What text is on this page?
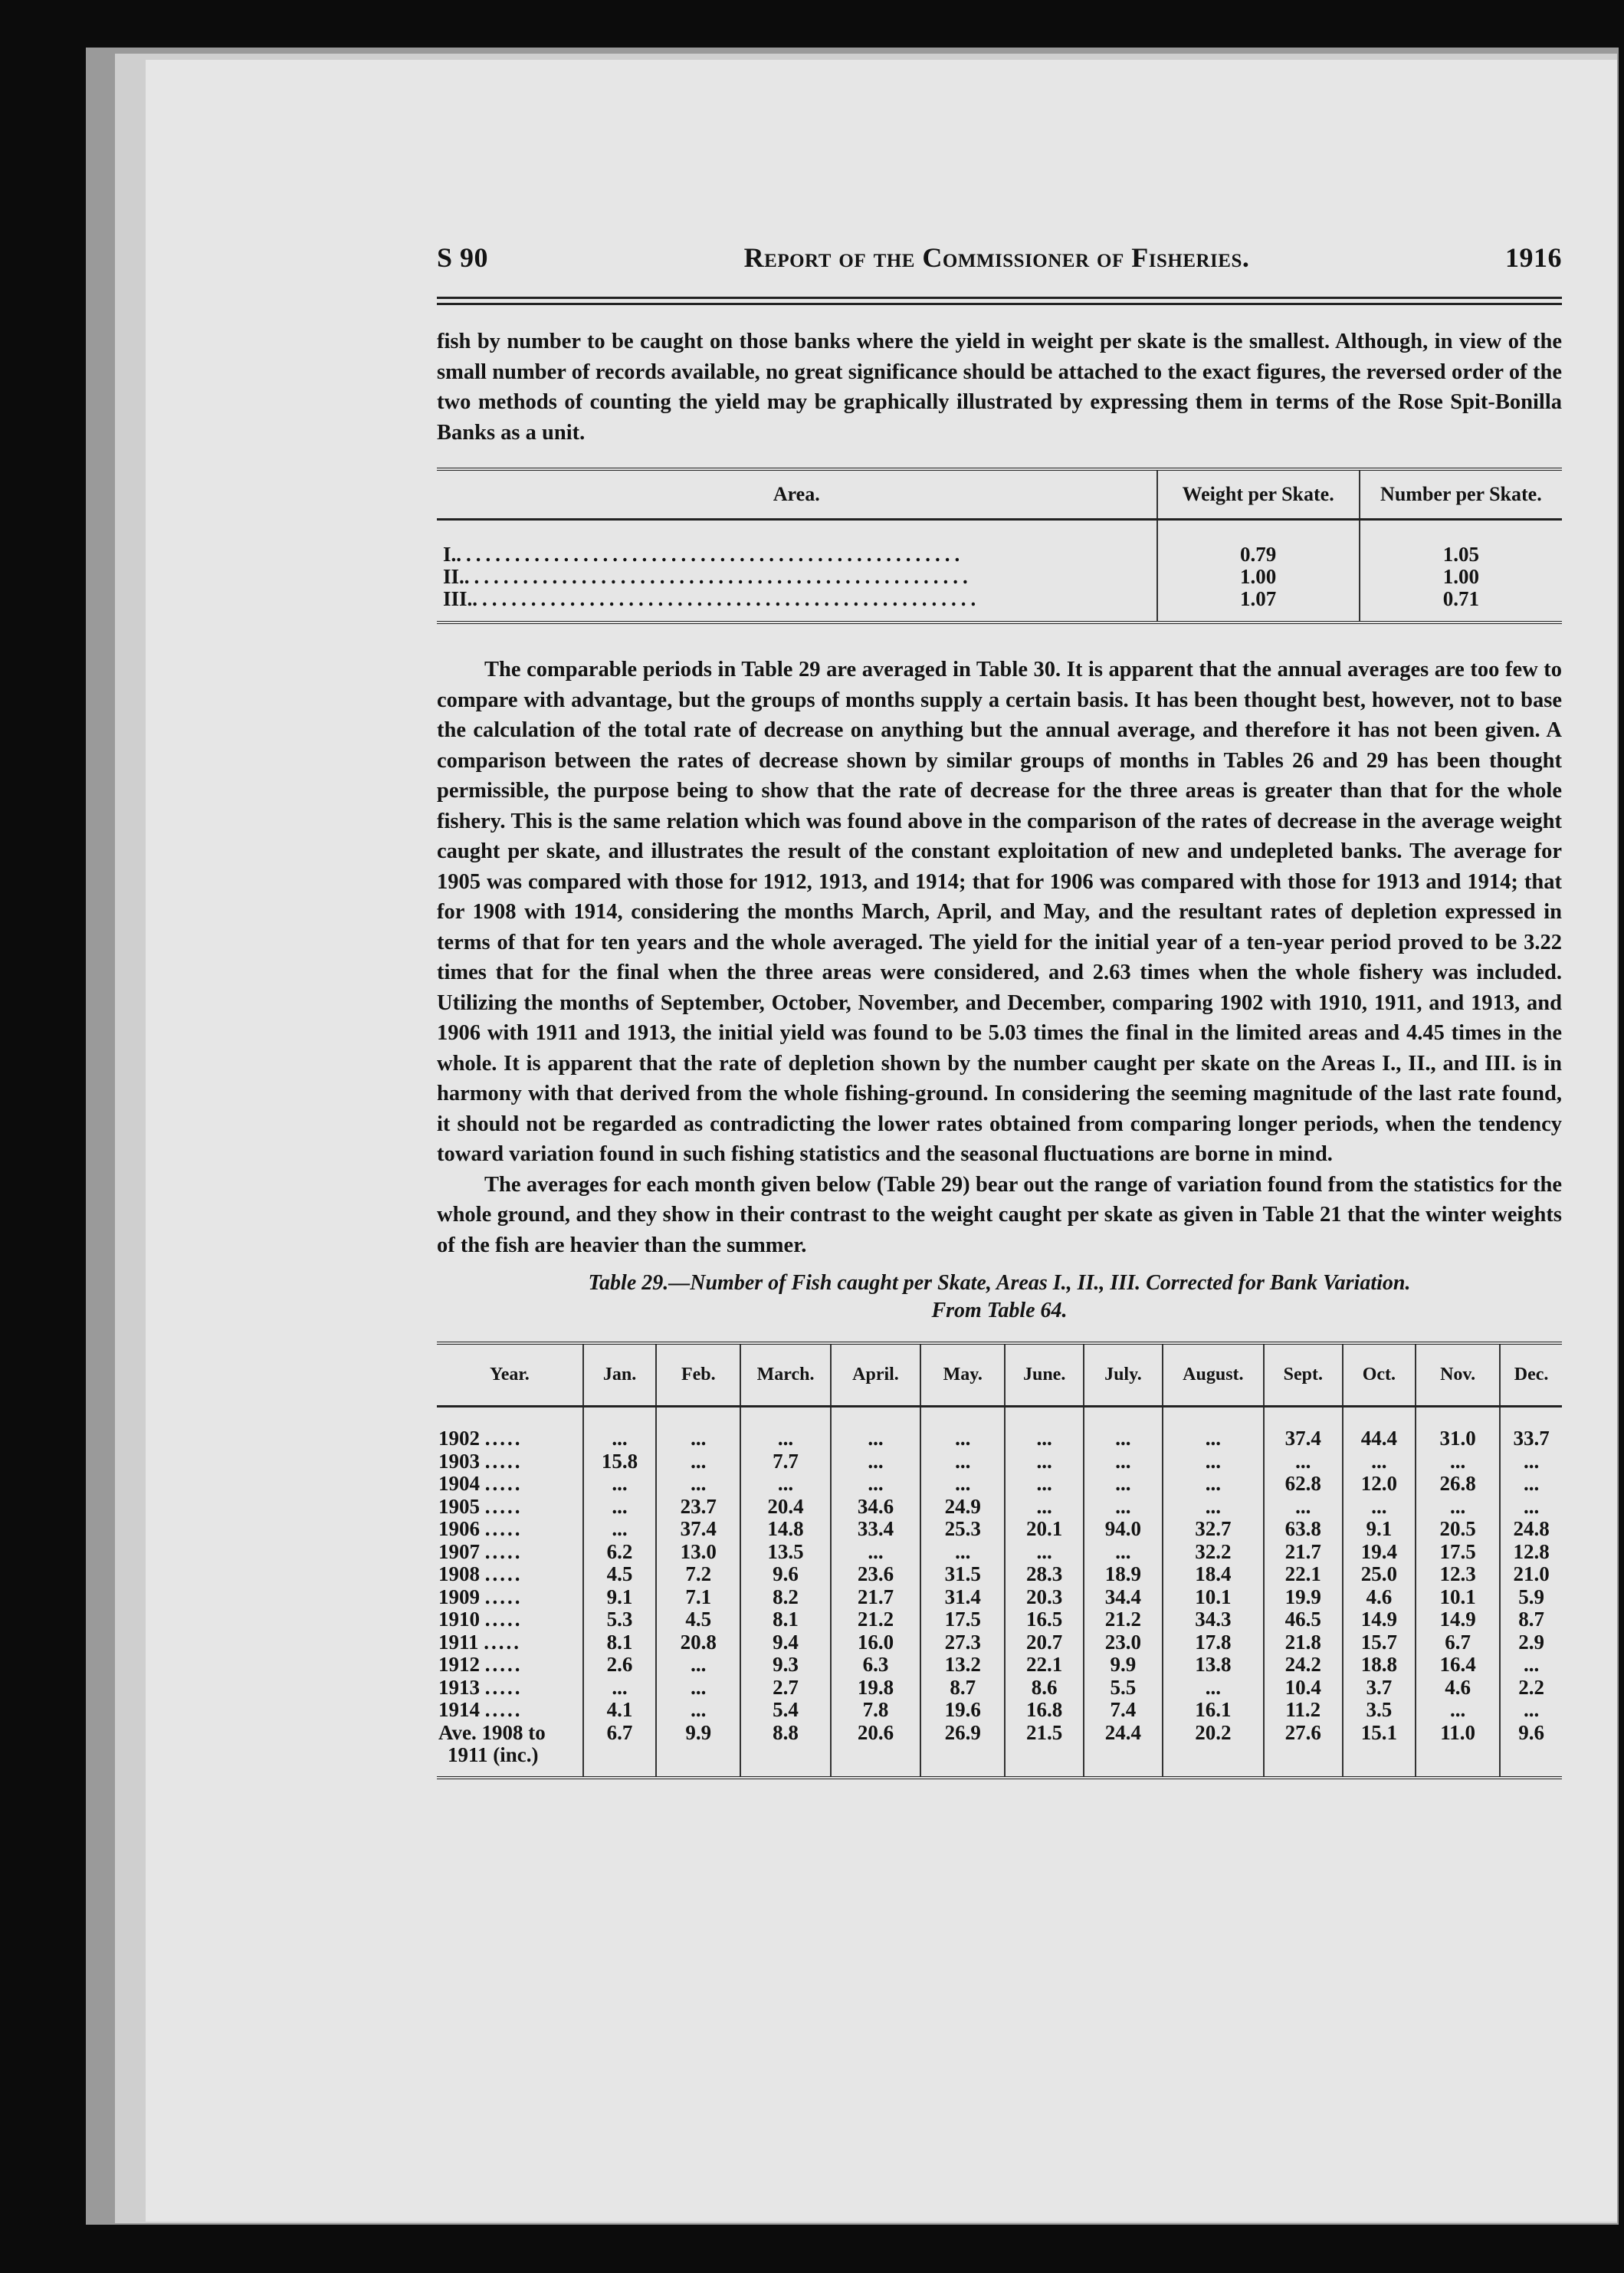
S 90	Report of the Commissioner of Fisheries.	1916

fish by number to be caught on those banks where the yield in weight per skate is the smallest. Although, in view of the small number of records available, no great significance should be attached to the exact figures, the reversed order of the two methods of counting the yield may be graphically illustrated by expressing them in terms of the Rose Spit-Bonilla Banks as a unit.

Area.	Weight per Skate.	Number per Skate.

I. ....................................................	0.79	1.05

II. ....................................................	1.00	1.00

III. ....................................................	1.07	0.71

The comparable periods in Table 29 are averaged in Table 30. It is apparent that the annual averages are too few to compare with advantage, but the groups of months supply a certain basis. It has been thought best, however, not to base the calculation of the total rate of decrease on anything but the annual average, and therefore it has not been given. A comparison between the rates of decrease shown by similar groups of months in Tables 26 and 29 has been thought permissible, the purpose being to show that the rate of decrease for the three areas is greater than that for the whole fishery. This is the same relation which was found above in the comparison of the rates of decrease in the average weight caught per skate, and illustrates the result of the constant exploitation of new and undepleted banks. The average for 1905 was compared with those for 1912, 1913, and 1914; that for 1906 was compared with those for 1913 and 1914; that for 1908 with 1914, considering the months March, April, and May, and the resultant rates of depletion expressed in terms of that for ten years and the whole averaged. The yield for the initial year of a ten-year period proved to be 3.22 times that for the final when the three areas were considered, and 2.63 times when the whole fishery was included. Utilizing the months of September, October, November, and December, comparing 1902 with 1910, 1911, and 1913, and 1906 with 1911 and 1913, the initial yield was found to be 5.03 times the final in the limited areas and 4.45 times in the whole. It is apparent that the rate of depletion shown by the number caught per skate on the Areas I., II., and III. is in harmony with that derived from the whole fishing-ground. In considering the seeming magnitude of the last rate found, it should not be regarded as contradicting the lower rates obtained from comparing longer periods, when the tendency toward variation found in such fishing statistics and the seasonal fluctuations are borne in mind.

The averages for each month given below (Table 29) bear out the range of variation found from the statistics for the whole ground, and they show in their contrast to the weight caught per skate as given in Table 21 that the winter weights of the fish are heavier than the summer.

Table 29.—Number of Fish caught per Skate, Areas I., II., III. Corrected for Bank Variation.
From Table 64.
Year.	Jan.	Feb.	March.	April.	May.	June.	July.	August.	Sept.	Oct.	Nov.	Dec.
1902 .....	...	...	...	...	...	...	...	...	37.4	44.4	31.0	33.7
1903 .....	15.8	...	7.7	...	...	...	...	...	...	...	...	...
1904 .....	...	...	...	...	...	...	...	...	62.8	12.0	26.8	...
1905 .....	...	23.7	20.4	34.6	24.9	...	...	...	...	...	...	...
1906 .....	...	37.4	14.8	33.4	25.3	20.1	94.0	32.7	63.8	9.1	20.5	24.8
1907 .....	6.2	13.0	13.5	...	...	...	...	32.2	21.7	19.4	17.5	12.8
1908 .....	4.5	7.2	9.6	23.6	31.5	28.3	18.9	18.4	22.1	25.0	12.3	21.0
1909 .....	9.1	7.1	8.2	21.7	31.4	20.3	34.4	10.1	19.9	4.6	10.1	5.9
1910 .....	5.3	4.5	8.1	21.2	17.5	16.5	21.2	34.3	46.5	14.9	14.9	8.7
1911 .....	8.1	20.8	9.4	16.0	27.3	20.7	23.0	17.8	21.8	15.7	6.7	2.9
1912 .....	2.6	...	9.3	6.3	13.2	22.1	9.9	13.8	24.2	18.8	16.4	...
1913 .....	...	...	2.7	19.8	8.7	8.6	5.5	...	10.4	3.7	4.6	2.2
1914 .....	4.1	...	5.4	7.8	19.6	16.8	7.4	16.1	11.2	3.5	...	...
Ave. 1908 to	6.7	9.9	8.8	20.6	26.9	21.5	24.4	20.2	27.6	15.1	11.0	9.6
1911 (inc.)												
